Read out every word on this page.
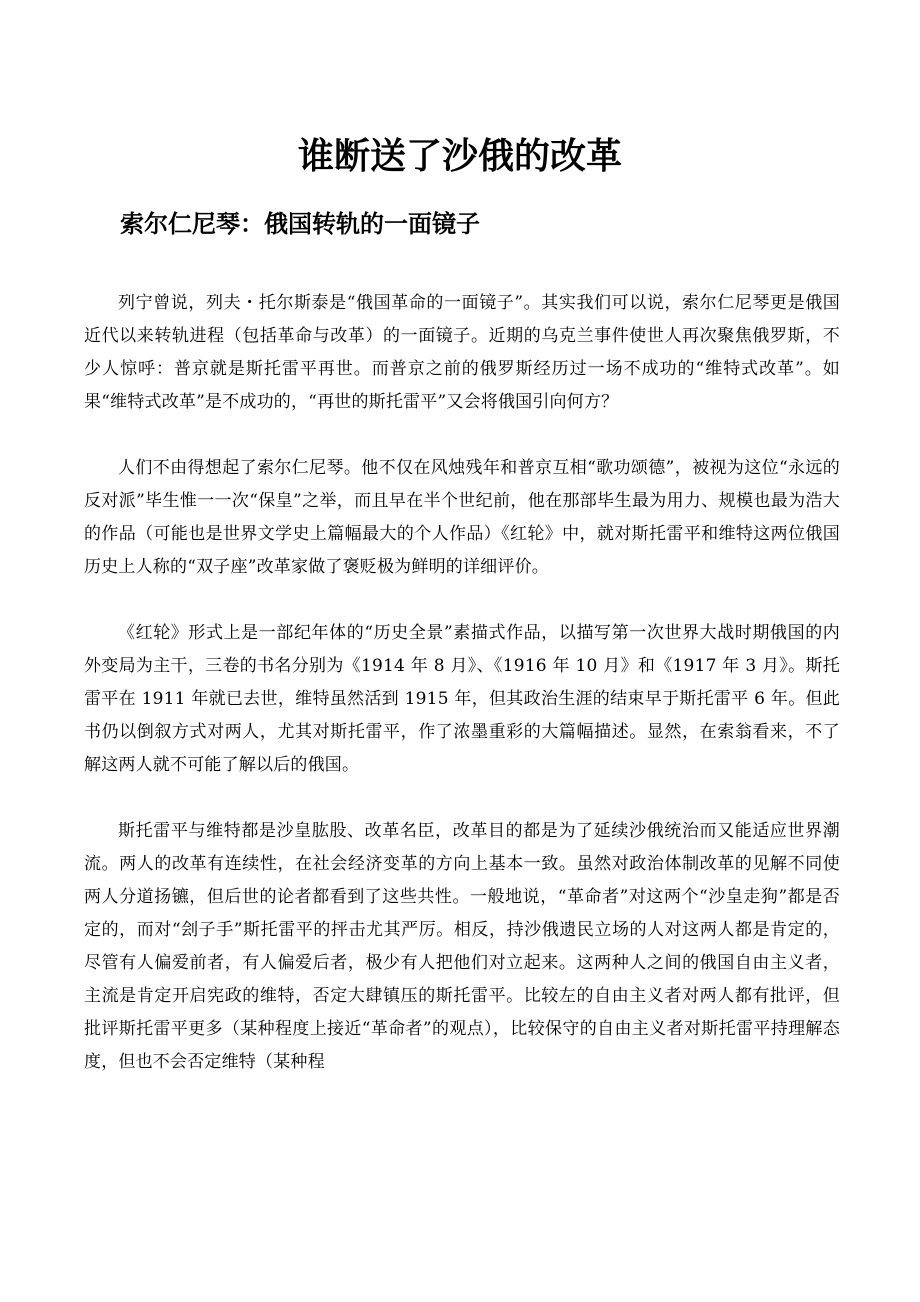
谁断送了沙俄的改革
索尔仁尼琴：俄国转轨的一面镜子

列宁曾说，列夫・托尔斯泰是“俄国革命的一面镜子”。其实我们可以说，索尔仁尼琴更是俄国近代以来转轨进程（包括革命与改革）的一面镜子。近期的乌克兰事件使世人再次聚焦俄罗斯，不少人惊呼：普京就是斯托雷平再世。而普京之前的俄罗斯经历过一场不成功的“维特式改革”。如果“维特式改革”是不成功的，“再世的斯托雷平”又会将俄国引向何方？

人们不由得想起了索尔仁尼琴。他不仅在风烛残年和普京互相“歌功颂德”，被视为这位“永远的反对派”毕生惟一一次“保皇”之举，而且早在半个世纪前，他在那部毕生最为用力、规模也最为浩大的作品（可能也是世界文学史上篇幅最大的个人作品）《红轮》中，就对斯托雷平和维特这两位俄国历史上人称的“双子座”改革家做了褒贬极为鲜明的详细评价。

《红轮》形式上是一部纪年体的“历史全景”素描式作品，以描写第一次世界大战时期俄国的内外变局为主干，三卷的书名分别为《1914 年 8 月》、《1916 年 10 月》和《1917 年 3 月》。斯托雷平在 1911 年就已去世，维特虽然活到 1915 年，但其政治生涯的结束早于斯托雷平 6 年。但此书仍以倒叙方式对两人，尤其对斯托雷平，作了浓墨重彩的大篇幅描述。显然，在索翁看来，不了解这两人就不可能了解以后的俄国。

斯托雷平与维特都是沙皇肱股、改革名臣，改革目的都是为了延续沙俄统治而又能适应世界潮流。两人的改革有连续性，在社会经济变革的方向上基本一致。虽然对政治体制改革的见解不同使两人分道扬镳，但后世的论者都看到了这些共性。一般地说，“革命者”对这两个“沙皇走狗”都是否定的，而对“刽子手”斯托雷平的抨击尤其严厉。相反，持沙俄遗民立场的人对这两人都是肯定的，尽管有人偏爱前者，有人偏爱后者，极少有人把他们对立起来。这两种人之间的俄国自由主义者，主流是肯定开启宪政的维特，否定大肆镇压的斯托雷平。比较左的自由主义者对两人都有批评，但批评斯托雷平更多（某种程度上接近“革命者”的观点），比较保守的自由主义者对斯托雷平持理解态度，但也不会否定维特（某种程
